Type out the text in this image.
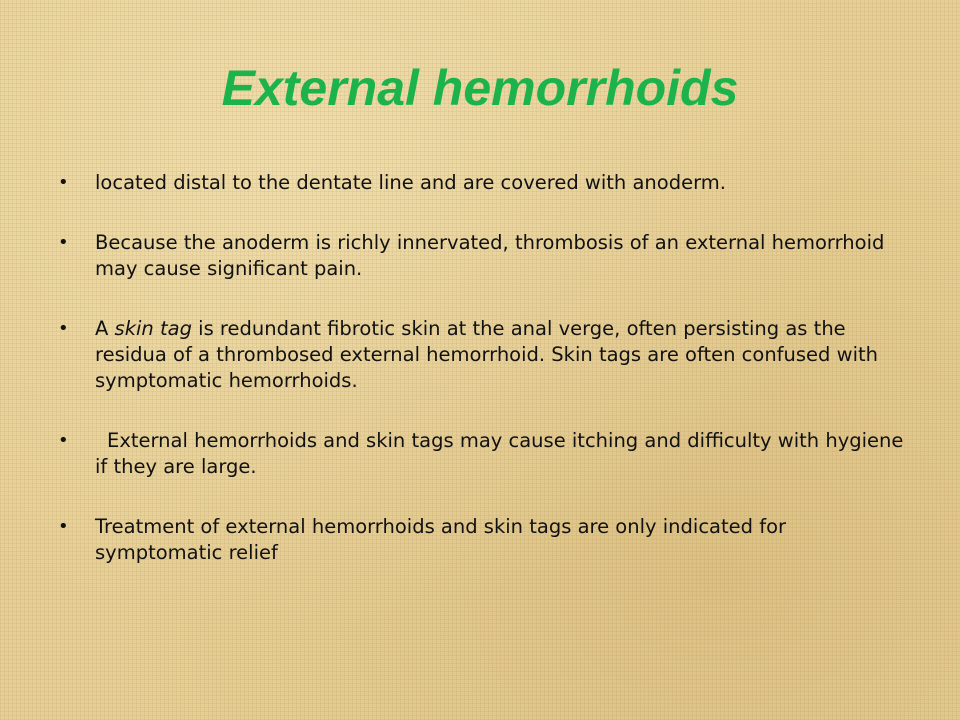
External hemorrhoids
• located distal to the dentate line and are covered with anoderm.
• Because the anoderm is richly innervated, thrombosis of an external hemorrhoid may cause significant pain.
• A skin tag is redundant fibrotic skin at the anal verge, often persisting as the residua of a thrombosed external hemorrhoid. Skin tags are often confused with symptomatic hemorrhoids.
• External hemorrhoids and skin tags may cause itching and difficulty with hygiene if they are large.
• Treatment of external hemorrhoids and skin tags are only indicated for symptomatic relief
